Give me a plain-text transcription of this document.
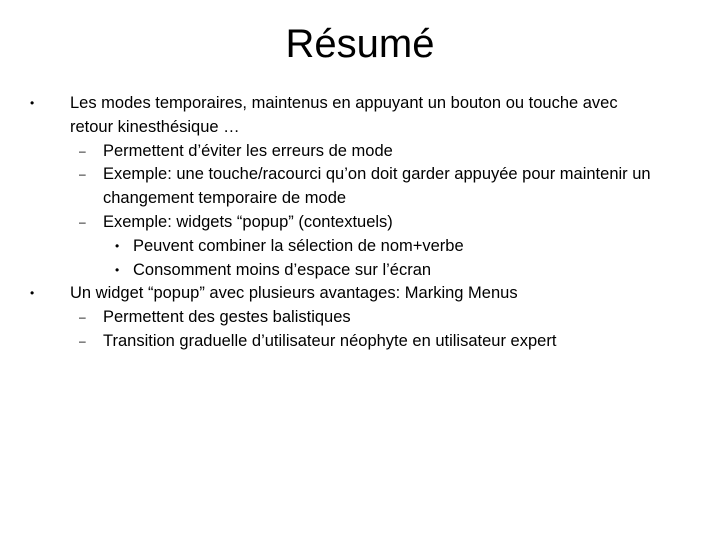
Résumé
• Les modes temporaires, maintenus en appuyant un bouton ou touche avec
retour kinesthésique …
– Permettent d’éviter les erreurs de mode
– Exemple: une touche/racourci qu’on doit garder appuyée pour maintenir un
changement temporaire de mode
– Exemple: widgets “popup” (contextuels)
• Peuvent combiner la sélection de nom+verbe
• Consomment moins d’espace sur l’écran
• Un widget “popup” avec plusieurs avantages: Marking Menus
– Permettent des gestes balistiques
– Transition graduelle d’utilisateur néophyte en utilisateur expert
